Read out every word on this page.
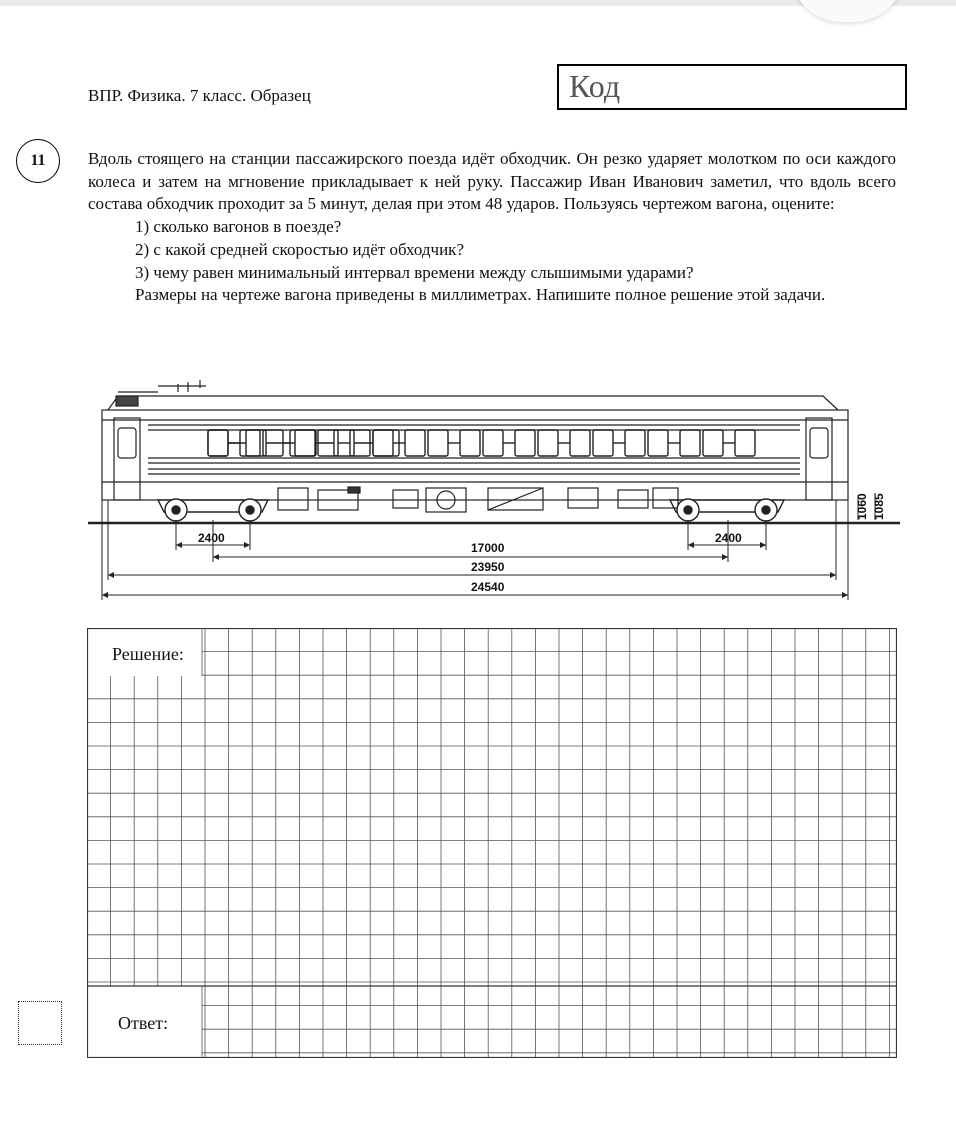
ВПР. Физика. 7 класс. Образец	Код
11	Вдоль стоящего на станции пассажирского поезда идёт обходчик. Он резко ударяет молотком по оси каждого колеса и затем на мгновение прикладывает к ней руку. Пассажир Иван Иванович заметил, что вдоль всего состава обходчик проходит за 5 минут, делая при этом 48 ударов. Пользуясь чертежом вагона, оцените:

1) сколько вагонов в поезде?

2) с какой средней скоростью идёт обходчик?

3) чему равен минимальный интервал времени между слышимыми ударами?

Размеры на чертеже вагона приведены в миллиметрах. Напишите полное решение этой задачи.

2400	2400
17000
23950
24540
1060 1085
Решение:
Ответ:
